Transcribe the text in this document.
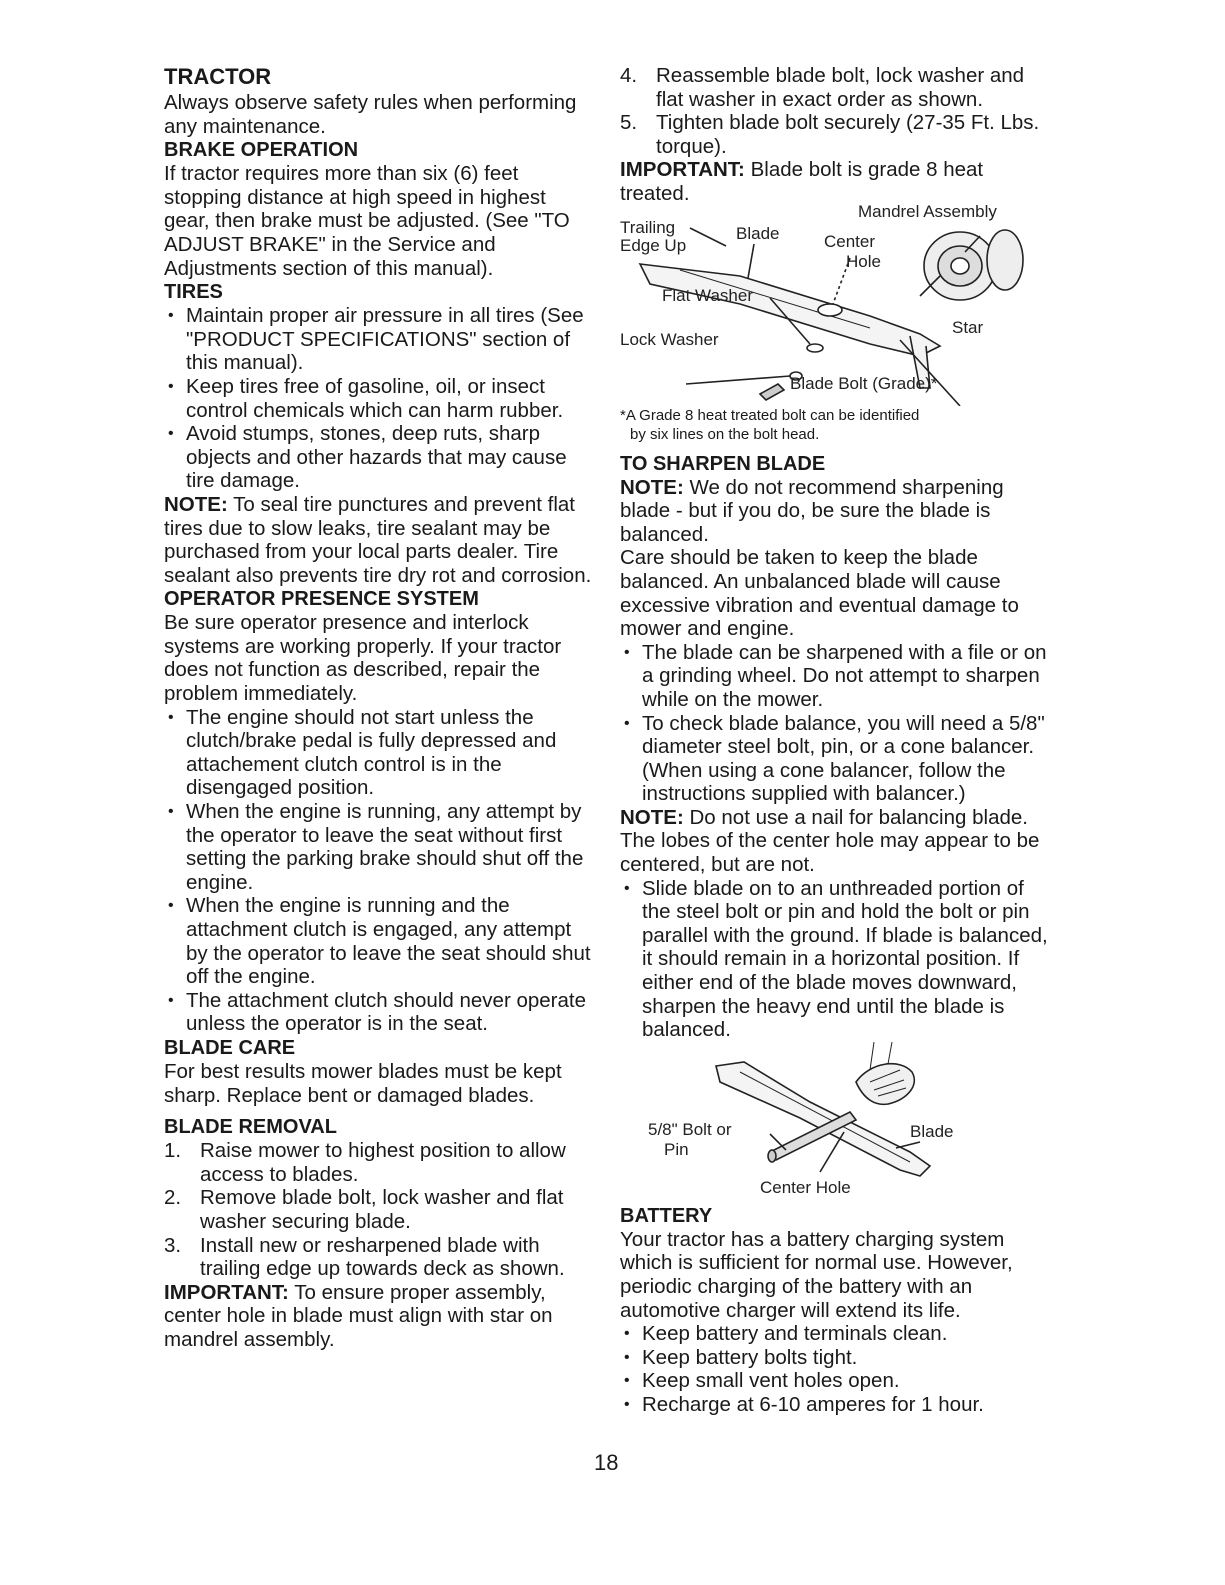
TRACTOR

Always observe safety rules when performing any maintenance.

BRAKE OPERATION

If tractor requires more than six (6) feet stopping distance at high speed in highest gear, then brake must be adjusted. (See "TO ADJUST BRAKE" in the Service and Adjustments section of this manual).

TIRES
• Maintain proper air pressure in all tires (See "PRODUCT SPECIFICATIONS" section of this manual).
• Keep tires free of gasoline, oil, or insect control chemicals which can harm rubber.
• Avoid stumps, stones, deep ruts, sharp objects and other hazards that may cause tire damage.

NOTE: To seal tire punctures and prevent flat tires due to slow leaks, tire sealant may be purchased from your local parts dealer. Tire sealant also prevents tire dry rot and corrosion.

OPERATOR PRESENCE SYSTEM

Be sure operator presence and interlock systems are working properly. If your tractor does not function as described, repair the problem immediately.

• The engine should not start unless the clutch/brake pedal is fully depressed and attachement clutch control is in the disengaged position.
• When the engine is running, any attempt by the operator to leave the seat without first setting the parking brake should shut off the engine.
• When the engine is running and the attachment clutch is engaged, any attempt by the operator to leave the seat should shut off the engine.
• The attachment clutch should never operate unless the operator is in the seat.
BLADE CARE

For best results mower blades must be kept sharp. Replace bent or damaged blades.

BLADE REMOVAL
1. Raise mower to highest position to allow access to blades.
2. Remove blade bolt, lock washer and flat washer securing blade.
3. Install new or resharpened blade with trailing edge up towards deck as shown.

IMPORTANT: To ensure proper assembly, center hole in blade must align with star on mandrel assembly.

4. Reassemble blade bolt, lock washer and flat washer in exact order as shown.
5. Tighten blade bolt securely (27-35 Ft. Lbs. torque).

IMPORTANT: Blade bolt is grade 8 heat treated.

Mandrel Assembly
Trailing
Edge Up
Blade	Center
Hole
Flat Washer
Star
Lock Washer
Blade Bolt (Grade)*

*A Grade 8 heat treated bolt can be identified

by six lines on the bolt head.

TO SHARPEN BLADE

NOTE: We do not recommend sharpening blade - but if you do, be sure the blade is balanced.

Care should be taken to keep the blade balanced. An unbalanced blade will cause excessive vibration and eventual damage to mower and engine.

• The blade can be sharpened with a file or on a grinding wheel. Do not attempt to sharpen while on the mower.
• To check blade balance, you will need a 5/8" diameter steel bolt, pin, or a cone balancer. (When using a cone balancer, follow the instructions supplied with balancer.)

NOTE: Do not use a nail for balancing blade. The lobes of the center hole may appear to be centered, but are not.

• Slide blade on to an unthreaded portion of the steel bolt or pin and hold the bolt or pin parallel with the ground. If blade is balanced, it should remain in a horizontal position. If either end of the blade moves downward, sharpen the heavy end until the blade is balanced.
5/8" Bolt or
Pin
Blade
Center Hole
BATTERY

Your tractor has a battery charging system which is sufficient for normal use. However, periodic charging of the battery with an automotive charger will extend its life.

• Keep battery and terminals clean.
• Keep battery bolts tight.
• Keep small vent holes open.
• Recharge at 6-10 amperes for 1 hour.
18
